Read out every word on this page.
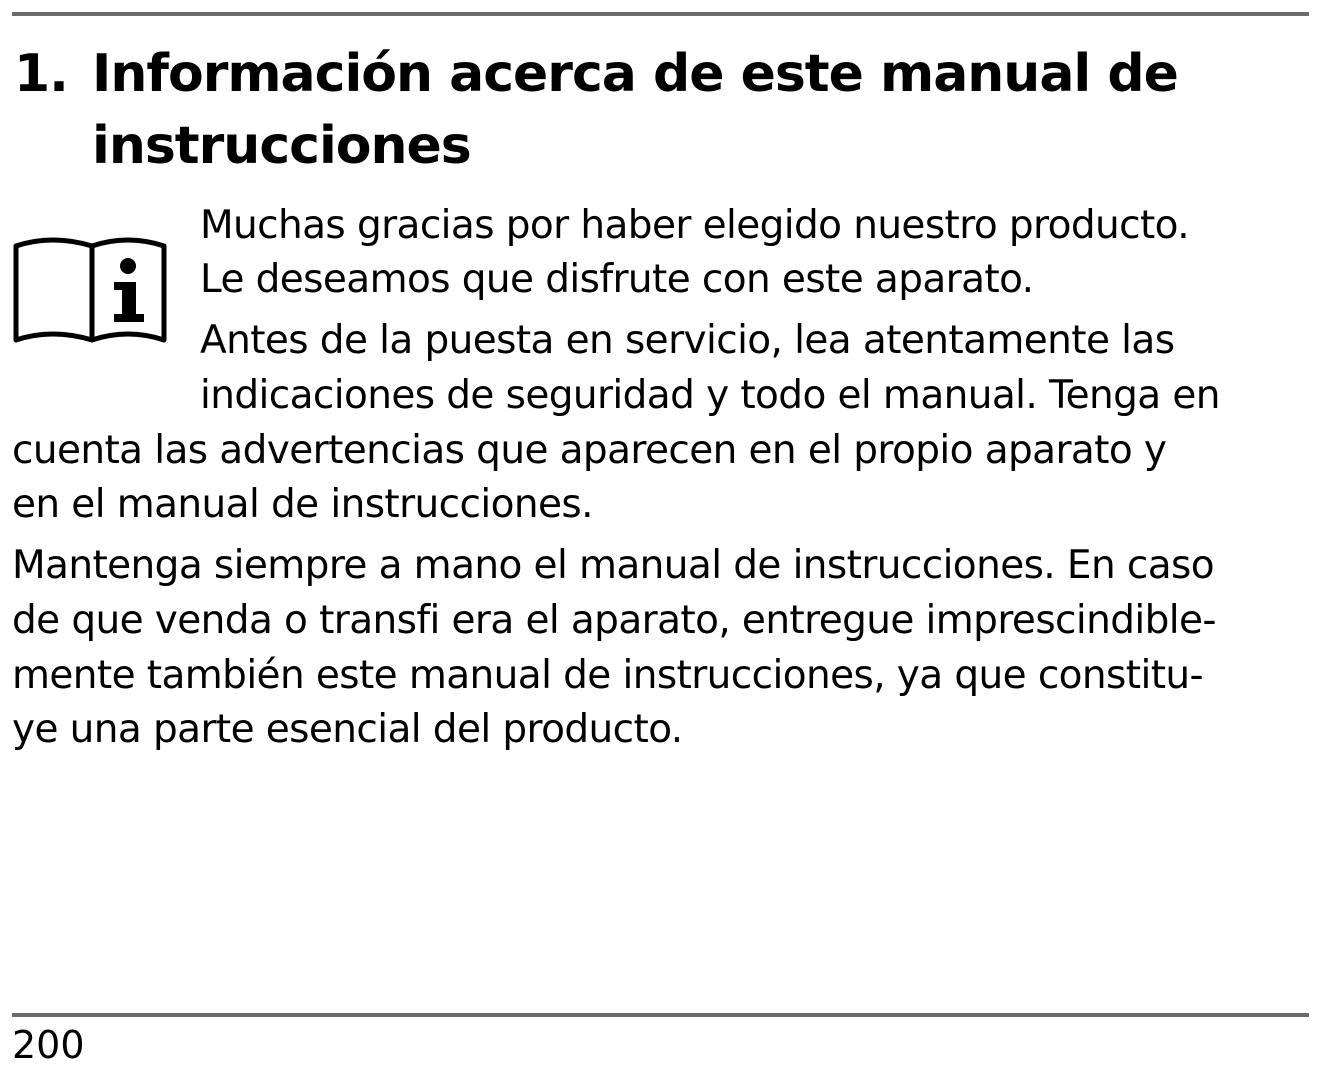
1. Información acerca de este manual de
instrucciones
Muchas gracias por haber elegido nuestro producto.
Le deseamos que disfrute con este aparato.
Antes de la puesta en servicio, lea atentamente las
indicaciones de seguridad y todo el manual. Tenga en
cuenta las advertencias que aparecen en el propio aparato y
en el manual de instrucciones.
Mantenga siempre a mano el manual de instrucciones. En caso
de que venda o transfi era el aparato, entregue imprescindible-
mente también este manual de instrucciones, ya que constitu-
ye una parte esencial del producto.
200
